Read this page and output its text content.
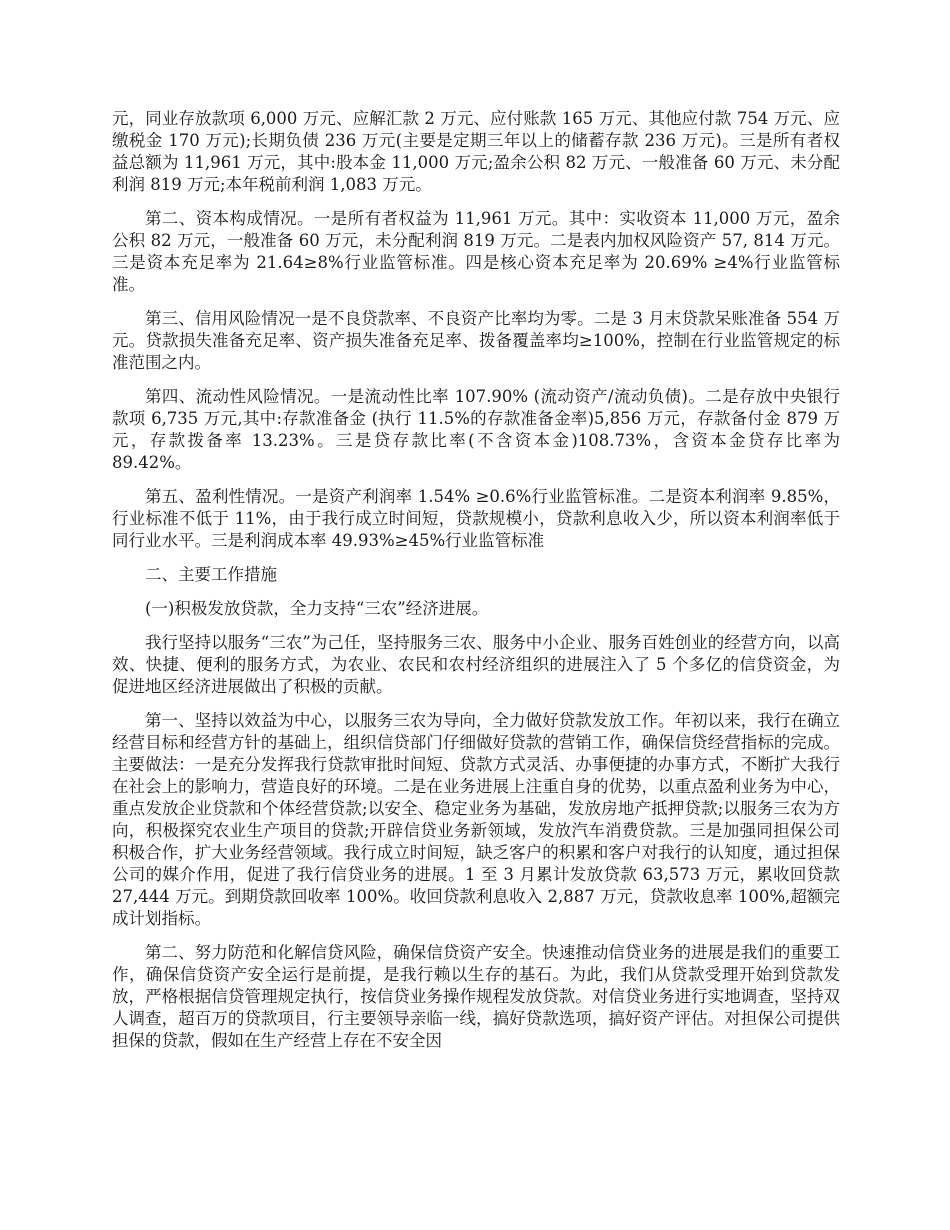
元，同业存放款项 6,000 万元、应解汇款 2 万元、应付账款 165 万元、其他应付款 754 万元、应缴税金 170 万元);长期负债 236 万元(主要是定期三年以上的储蓄存款 236 万元)。三是所有者权益总额为 11,961 万元，其中:股本金 11,000 万元;盈余公积 82 万元、一般准备 60 万元、未分配利润 819 万元;本年税前利润 1,083 万元。

第二、资本构成情况。一是所有者权益为 11,961 万元。其中：实收资本 11,000 万元，盈余公积 82 万元，一般准备 60 万元，未分配利润 819 万元。二是表内加权风险资产 57, 814 万元。三是资本充足率为 21.64≥8%行业监管标准。四是核心资本充足率为 20.69% ≥4%行业监管标准。

第三、信用风险情况一是不良贷款率、不良资产比率均为零。二是 3 月末贷款呆账准备 554 万元。贷款损失准备充足率、资产损失准备充足率、拨备覆盖率均≥100%，控制在行业监管规定的标准范围之内。

第四、流动性风险情况。一是流动性比率 107.90% (流动资产/流动负债)。二是存放中央银行款项 6,735 万元,其中:存款准备金 (执行 11.5%的存款准备金率)5,856 万元，存款备付金 879 万元，存款拨备率 13.23%。三是贷存款比率(不含资本金)108.73%，含资本金贷存比率为 89.42%。

第五、盈利性情况。一是资产利润率 1.54% ≥0.6%行业监管标准。二是资本利润率 9.85%，行业标准不低于 11%，由于我行成立时间短，贷款规模小，贷款利息收入少，所以资本利润率低于同行业水平。三是利润成本率 49.93%≥45%行业监管标准

二、主要工作措施

(一)积极发放贷款，全力支持“三农”经济进展。

我行坚持以服务“三农”为己任，坚持服务三农、服务中小企业、服务百姓创业的经营方向，以高效、快捷、便利的服务方式，为农业、农民和农村经济组织的进展注入了 5 个多亿的信贷资金，为促进地区经济进展做出了积极的贡献。

第一、坚持以效益为中心，以服务三农为导向，全力做好贷款发放工作。年初以来，我行在确立经营目标和经营方针的基础上，组织信贷部门仔细做好贷款的营销工作，确保信贷经营指标的完成。主要做法：一是充分发挥我行贷款审批时间短、贷款方式灵活、办事便捷的办事方式，不断扩大我行在社会上的影响力，营造良好的环境。二是在业务进展上注重自身的优势，以重点盈利业务为中心，重点发放企业贷款和个体经营贷款;以安全、稳定业务为基础，发放房地产抵押贷款;以服务三农为方向，积极探究农业生产项目的贷款;开辟信贷业务新领域，发放汽车消费贷款。三是加强同担保公司积极合作，扩大业务经营领域。我行成立时间短，缺乏客户的积累和客户对我行的认知度，通过担保公司的媒介作用，促进了我行信贷业务的进展。1 至 3 月累计发放贷款 63,573 万元，累收回贷款 27,444 万元。到期贷款回收率 100%。收回贷款利息收入 2,887 万元，贷款收息率 100%,超额完成计划指标。

第二、努力防范和化解信贷风险，确保信贷资产安全。快速推动信贷业务的进展是我们的重要工作，确保信贷资产安全运行是前提，是我行赖以生存的基石。为此，我们从贷款受理开始到贷款发放，严格根据信贷管理规定执行，按信贷业务操作规程发放贷款。对信贷业务进行实地调查，坚持双人调查，超百万的贷款项目，行主要领导亲临一线，搞好贷款选项，搞好资产评估。对担保公司提供担保的贷款，假如在生产经营上存在不安全因
